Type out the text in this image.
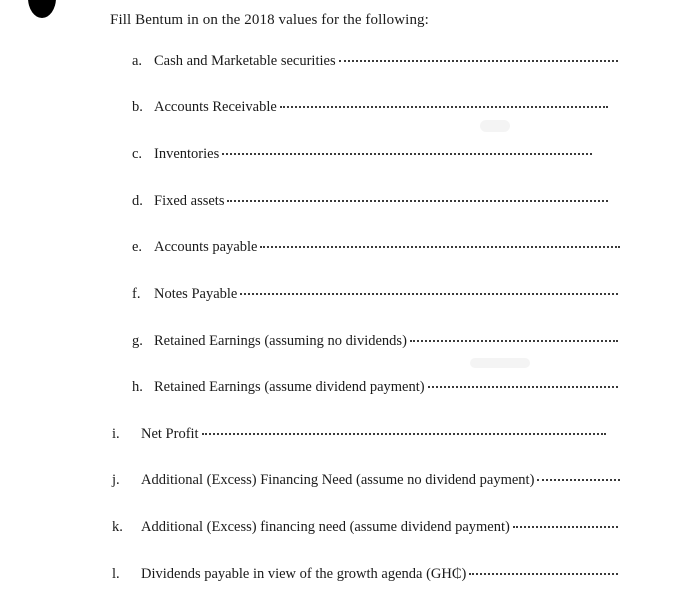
Fill Bentum in on the 2018 values for the following:
a. Cash and Marketable securities
b. Accounts Receivable
c. Inventories
d. Fixed assets
e. Accounts payable
f. Notes Payable
g. Retained Earnings (assuming no dividends)
h. Retained Earnings (assume dividend payment)
i.	Net Profit
j.	Additional (Excess) Financing Need (assume no dividend payment)
k.	Additional (Excess) financing need (assume dividend payment)
l.	Dividends payable in view of the growth agenda (GH₵)
